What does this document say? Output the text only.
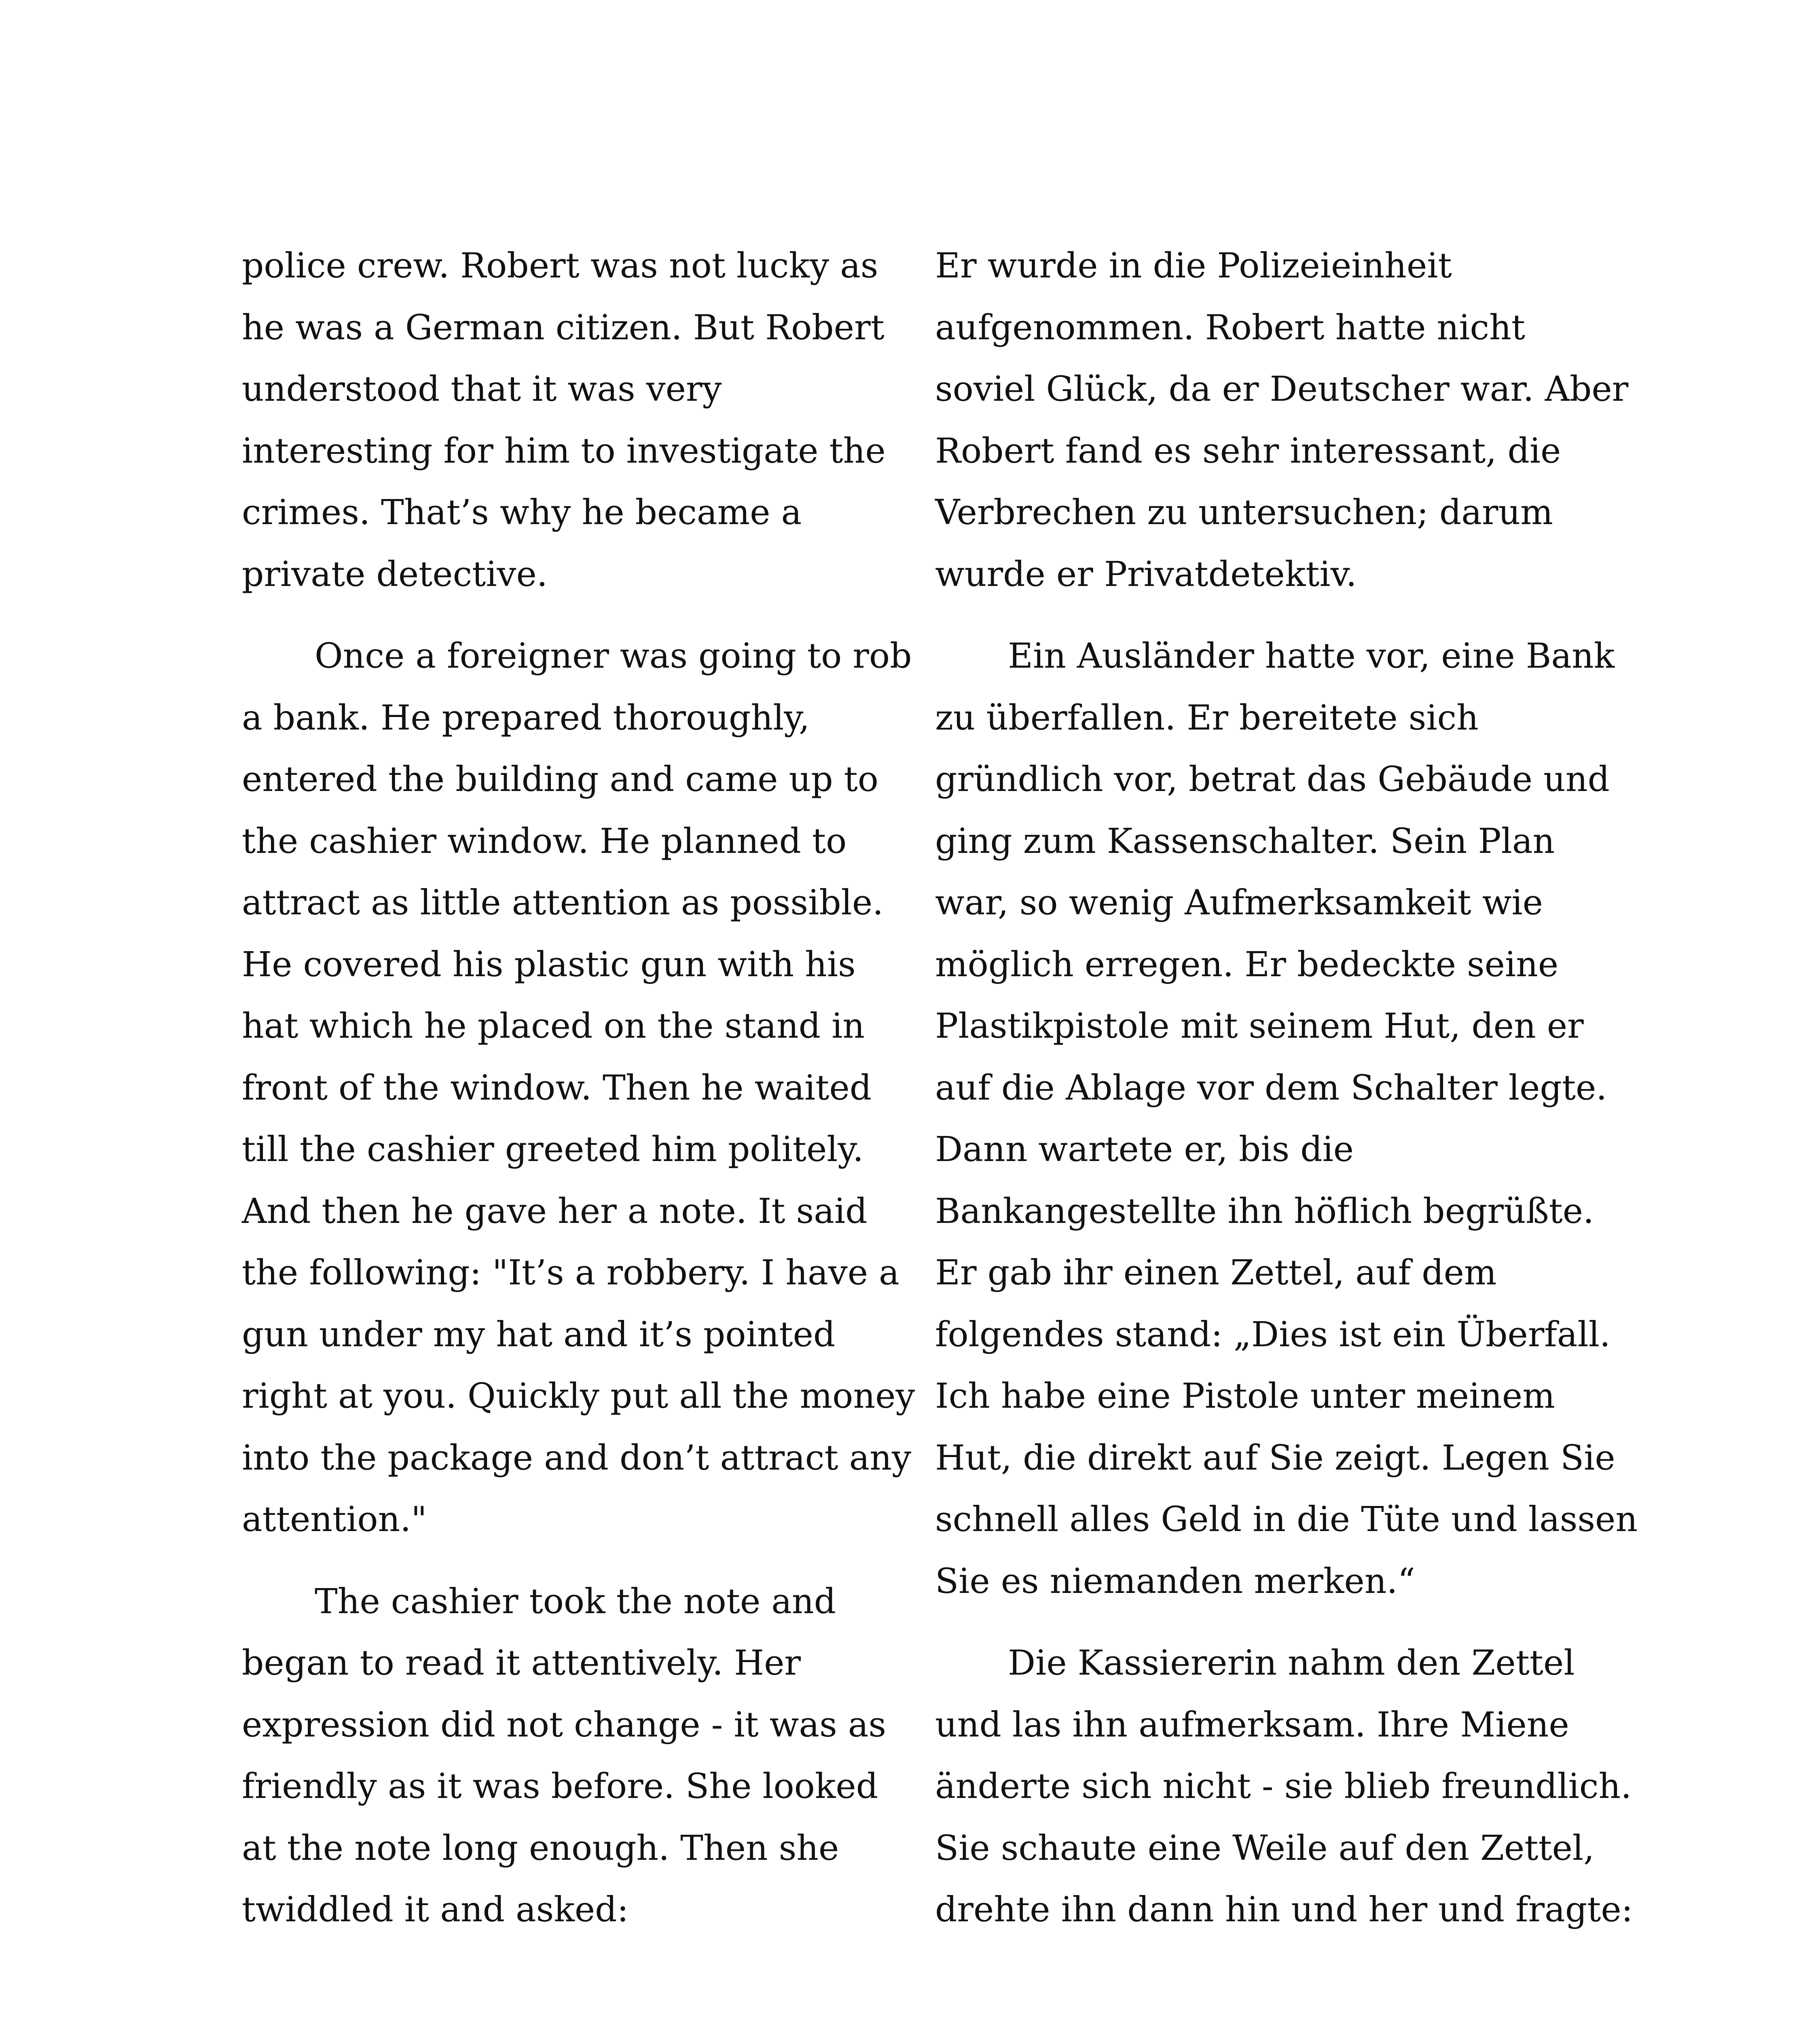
police crew. Robert was not lucky as
he was a German citizen. But Robert
understood that it was very
interesting for him to investigate the
crimes. That’s why he became a
private detective.
Once a foreigner was going to rob
a bank. He prepared thoroughly,
entered the building and came up to
the cashier window. He planned to
attract as little attention as possible.
He covered his plastic gun with his
hat which he placed on the stand in
front of the window. Then he waited
till the cashier greeted him politely.
And then he gave her a note. It said
the following: "It’s a robbery. I have a
gun under my hat and it’s pointed
right at you. Quickly put all the money
into the package and don’t attract any
attention."
The cashier took the note and
began to read it attentively. Her
expression did not change - it was as
friendly as it was before. She looked
at the note long enough. Then she
twiddled it and asked:
Er wurde in die Polizeieinheit
aufgenommen. Robert hatte nicht
soviel Glück, da er Deutscher war. Aber
Robert fand es sehr interessant, die
Verbrechen zu untersuchen; darum
wurde er Privatdetektiv.
Ein Ausländer hatte vor, eine Bank
zu überfallen. Er bereitete sich
gründlich vor, betrat das Gebäude und
ging zum Kassenschalter. Sein Plan
war, so wenig Aufmerksamkeit wie
möglich erregen. Er bedeckte seine
Plastikpistole mit seinem Hut, den er
auf die Ablage vor dem Schalter legte.
Dann wartete er, bis die
Bankangestellte ihn höflich begrüßte.
Er gab ihr einen Zettel, auf dem
folgendes stand: „Dies ist ein Überfall.
Ich habe eine Pistole unter meinem
Hut, die direkt auf Sie zeigt. Legen Sie
schnell alles Geld in die Tüte und lassen
Sie es niemanden merken.“
Die Kassiererin nahm den Zettel
und las ihn aufmerksam. Ihre Miene
änderte sich nicht - sie blieb freundlich.
Sie schaute eine Weile auf den Zettel,
drehte ihn dann hin und her und fragte:
